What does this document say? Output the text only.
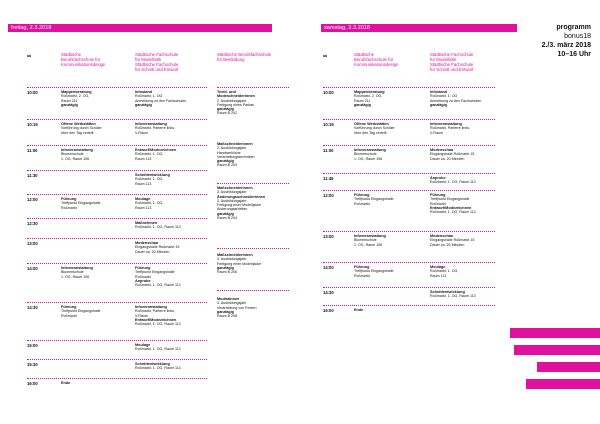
freitag, 2.3.2018
ab	Städtische
Berufsfachschule für
Kommunikationsdesign
Städtische Fachschule
für Modellistik
Städtische Fachschule
für Schnitt und Entwurf
Städtische Berufsfachschule
für Bekleidung
10:00
10:15
11:00
11:30
12:00
12:30
13:00
14:00
14:30
15:00
15:30
16:00
Mappenberatung
Roßmarkt, 2. OG,
Raum 211
ganztägig
Offene Werkstätten
Vorführung durch Schüler
über den Tag verteilt
Infoveranstaltung
Blumenschule
1. OG, Raum 106
Führung
Treffpunkt Eingangshalle
Roßmarkt
Infoveranstaltung
Blumenschule
1. OG, Raum 106
Führung
Treffpunkt Eingangshalle
Roßmarkt
Ende
Infostand
Roßmarkt, 1. OG
Anmeldung zu den Fachschulen
ganztägig
Infoveranstaltung
Roßmarkt, Parterre links,
V-Raum
Entwurf/Modezeichnen
Roßmarkt, 1. OG,
Raum 113
Schnittentwicklung
Roßmarkt, 1. OG,
Raum 113
Moulage
Roßmarkt, 1. OG,
Raum 113
Maßnehmen
Roßmarkt, 1. OG, Raum 113
Modenschau
Eingangshalle Roßmarkt 15
Dauer ca. 20 Minuten
Führung
Treffpunkt Eingangshalle
Roßmarkt
Anprobe
Roßmarkt, 1. OG, Raum 113
Infoveranstaltung
Roßmarkt, Parterre links,
V-Raum
Entwurf/Modezeichnen
Roßmarkt, 1. OG, Raum 113
Moulage
Roßmarkt, 1. OG, Raum 113
Schnittentwicklung
Roßmarkt, 1. OG, Raum 113
Textil- und
Modeschneiderinnen
2. Ausbildungsjahr
Fertigung eines Parkas
ganztägig
Raum B 202
Maßschneiderinnen
2. Ausbildungsjahr
Handwerkliche
Verarbeitungstechniken
ganztägig
Raum B 203
Maßschneiderinnen
3. Ausbildungsjahr
Änderungsschneiderinnen
3. Ausbildungsjahr
Fertigung einer Modelljacke
Änderungsarbeiten
ganztägig
Raum B 204
Maßschneiderinnen
3. Ausbildungsjahr
Fertigung einer Modelljacke
ganztägig
Raum B 206
Modistinnen
3. Ausbildungsjahr
Verarbeitung von Federn
ganztägig
Raum B 208
samstag, 3.3.2018
ab	Städtische
Berufsfachschule für
Kommunikationsdesign
Städtische Fachschule
für Modellistik
Städtische Fachschule
für Schnitt und Entwurf
10:00
10:15
11:00
11:45
12:00
13:00
14:00
14:30
16:00
Mappenberatung
Roßmarkt, 2. OG,
Raum 211
ganztägig
Offene Werkstätten
Vorführung durch Schüler
über den Tag verteilt
Infoveranstaltung
Blumenschule
1. OG, Raum 106
Führung
Treffpunkt Eingangshalle
Roßmarkt
Infoveranstaltung
Blumenschule
1. OG, Raum 106
Führung
Treffpunkt Eingangshalle
Roßmarkt
Ende
Infostand
Roßmarkt, 1. OG
Anmeldung zu den Fachschulen
ganztägig
Infoveranstaltung
Roßmarkt, Parterre links,
V-Raum
Modenschau
Eingangshalle Roßmarkt 15
Dauer ca. 20 Minuten
Anprobe
Roßmarkt, 1. OG, Raum 113
Führung
Treffpunkt Eingangshalle
Roßmarkt
Entwurf/Modezeichnen
Roßmarkt, 1. OG, Raum 113
Modenschau
Eingangshalle Roßmarkt 15
Dauer ca. 20 Minuten
Moulage
Roßmarkt, 1. OG,
Raum 113
Schnittentwicklung
Roßmarkt, 1. OG, Raum 113
programm
bonus18
2./3. märz 2018
10–16 Uhr
